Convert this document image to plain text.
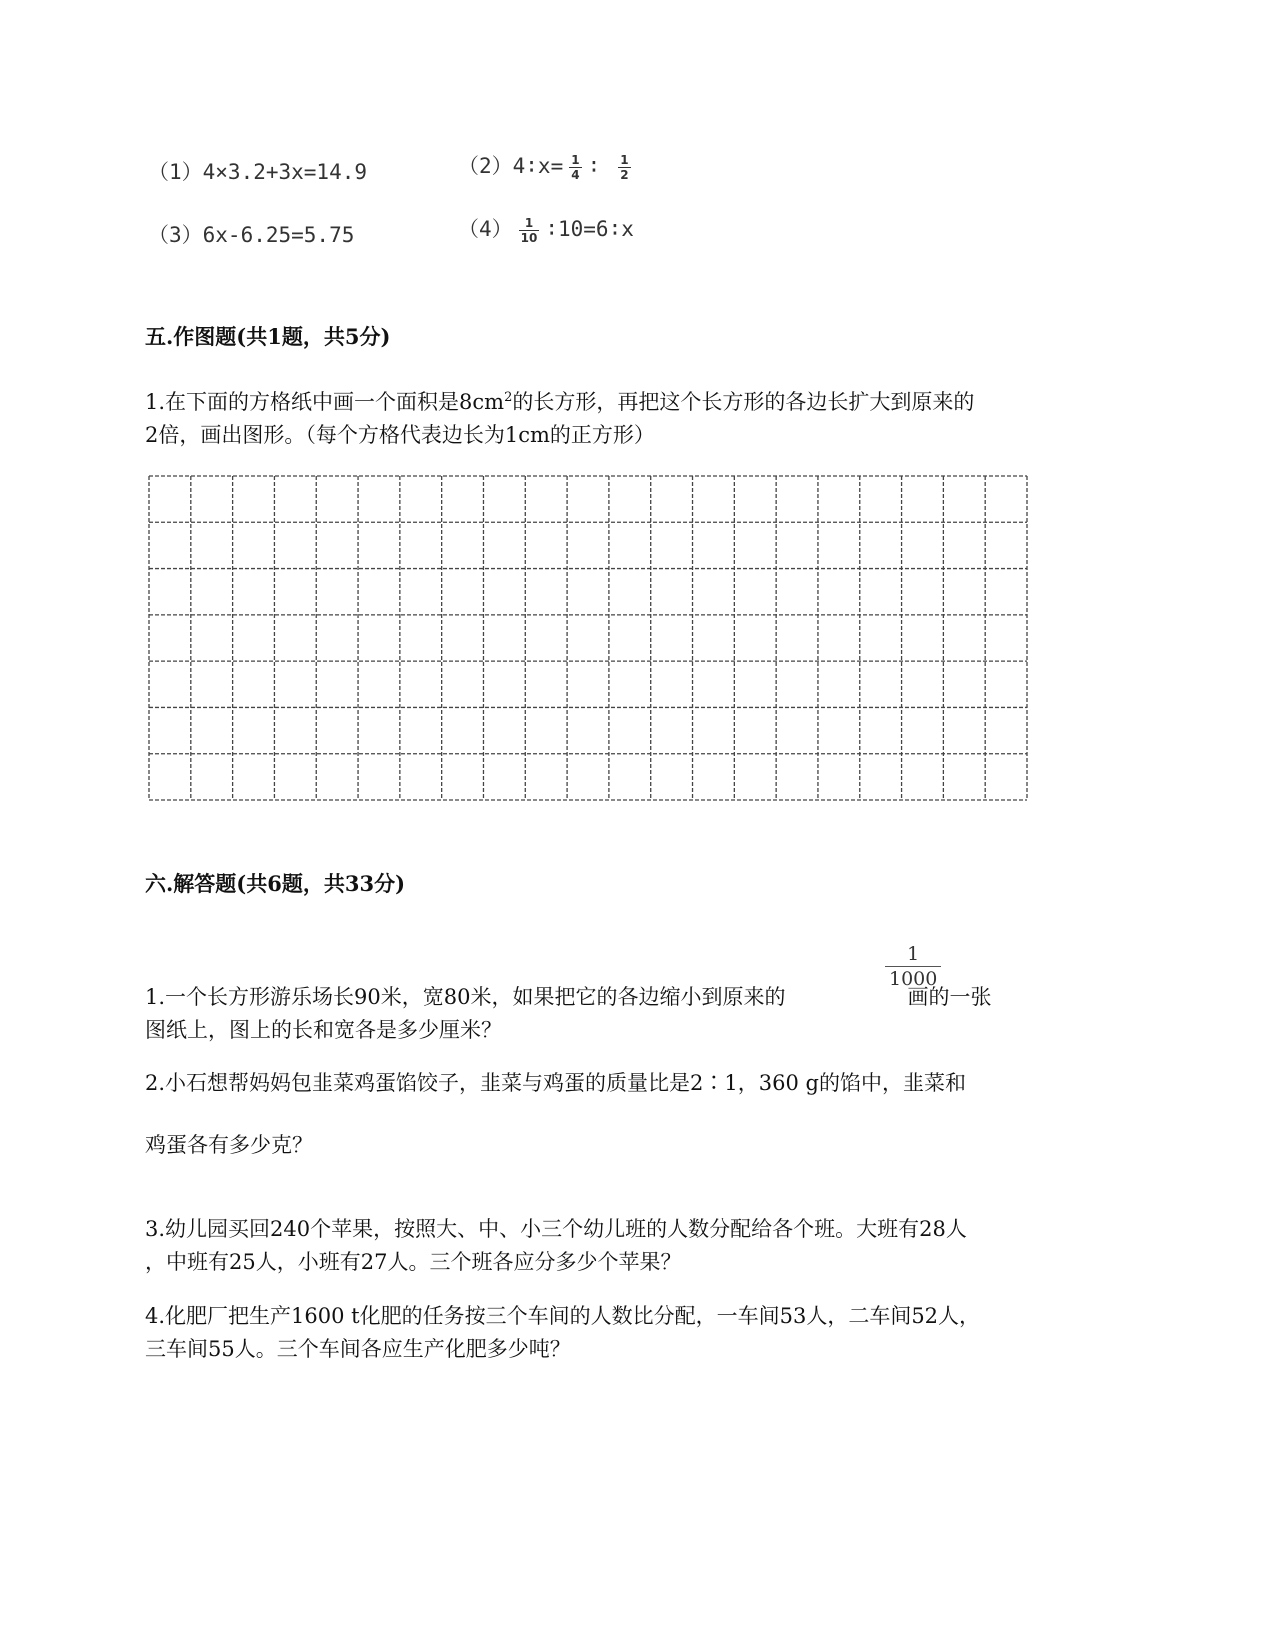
（1）4×3.2+3x=14.9	（2）4∶x= $\frac{1}{4}$ ∶ $\frac{1}{2}$
（3）6x-6.25=5.75	$(4) \frac{1}{10}$ ∶10=6∶x
五.作图题(共1题，共5分)
1.在下面的方格纸中画一个面积是$8cm^2$的长方形，再把这个长方形的各边长扩大到原来的
2倍，画出图形。（每个方格代表边长为1cm的正方形）
六.解答题(共6题，共33分)
$\frac{1}{1000}$
1.一个长方形游乐场长90米，宽80米，如果把它的各边缩小到原来的	画的一张
图纸上，图上的长和宽各是多少厘米？
2.小石想帮妈妈包韭菜鸡蛋馅饺子，韭菜与鸡蛋的质量比是2∶1，360 g的馅中，韭菜和
鸡蛋各有多少克？
3.幼儿园买回240个苹果，按照大、中、小三个幼儿班的人数分配给各个班。大班有28人
，中班有25人，小班有27人。三个班各应分多少个苹果？
4.化肥厂把生产1600 t化肥的任务按三个车间的人数比分配，一车间53人，二车间52人，
三车间55人。三个车间各应生产化肥多少吨？
